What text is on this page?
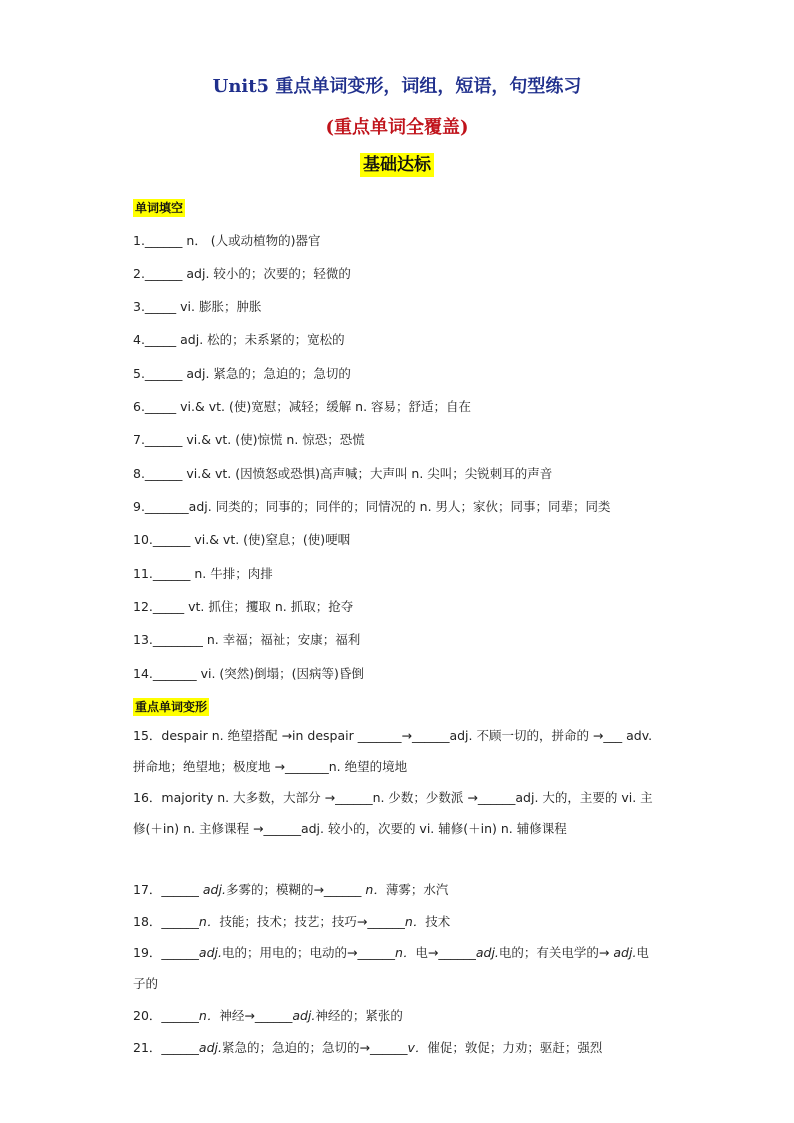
Unit5 重点单词变形，词组，短语，句型练习
(重点单词全覆盖)
基础达标
单词填空
1.______ n． (人或动植物的)器官
2.______ adj. 较小的；次要的；轻微的
3._____ vi. 膨胀；肿胀
4._____ adj. 松的；未系紧的；宽松的
5.______ adj. 紧急的；急迫的；急切的
6._____ vi.& vt. (使)宽慰；减轻；缓解 n. 容易；舒适；自在
7.______ vi.& vt. (使)惊慌 n. 惊恐；恐慌
8.______ vi.& vt. (因愤怒或恐惧)高声喊；大声叫 n. 尖叫；尖锐刺耳的声音
9._______adj. 同类的；同事的；同伴的；同情况的 n. 男人；家伙；同事；同辈；同类
10.______ vi.& vt. (使)窒息；(使)哽咽
11.______ n. 牛排；肉排
12._____ vt. 抓住；攫取 n. 抓取；抢夺
13.________ n. 幸福；福祉；安康；福利
14._______ vi. (突然)倒塌；(因病等)昏倒
重点单词变形
15．despair n. 绝望搭配 →in despair _______→______adj. 不顾一切的，拼命的 →___ adv. 拼命地；绝望地；极度地 →_______n. 绝望的境地
16．majority n. 大多数，大部分 →______n. 少数；少数派 →______adj. 大的，主要的 vi. 主修(＋in) n. 主修课程 →______adj. 较小的，次要的 vi. 辅修(＋in) n. 辅修课程
17．______ adj.多雾的；模糊的→______ n．薄雾；水汽
18．______n．技能；技术；技艺；技巧→______n．技术
19．______adj.电的；用电的；电动的→______n．电→______adj.电的；有关电学的→ adj.电子的
20．______n．神经→______adj.神经的；紧张的
21．______adj.紧急的；急迫的；急切的→______v．催促；敦促；力劝；驱赶；强烈
